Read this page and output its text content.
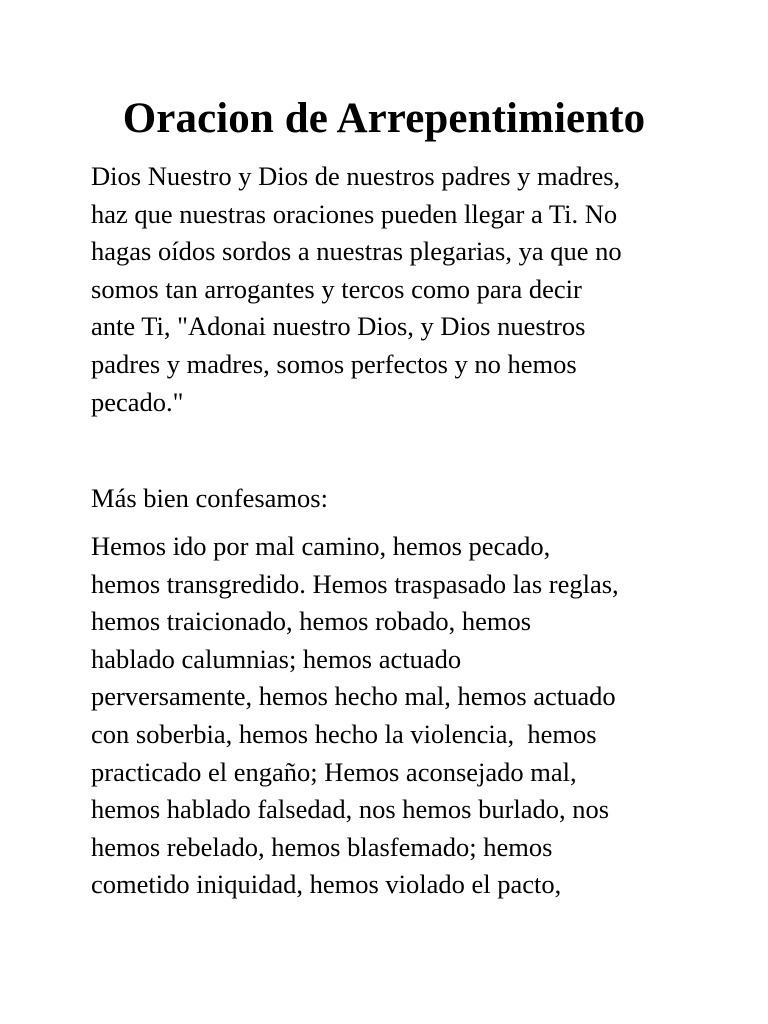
Oracion de Arrepentimiento

Dios Nuestro y Dios de nuestros padres y madres,
haz que nuestras oraciones pueden llegar a Ti. No
hagas oídos sordos a nuestras plegarias, ya que no
somos tan arrogantes y tercos como para decir
ante Ti, "Adonai nuestro Dios, y Dios nuestros
padres y madres, somos perfectos y no hemos
pecado."

Más bien confesamos:

Hemos ido por mal camino, hemos pecado,
hemos transgredido. Hemos traspasado las reglas,
hemos traicionado, hemos robado, hemos
hablado calumnias; hemos actuado
perversamente, hemos hecho mal, hemos actuado
con soberbia, hemos hecho la violencia,  hemos
practicado el engaño; Hemos aconsejado mal,
hemos hablado falsedad, nos hemos burlado, nos
hemos rebelado, hemos blasfemado; hemos
cometido iniquidad, hemos violado el pacto,
